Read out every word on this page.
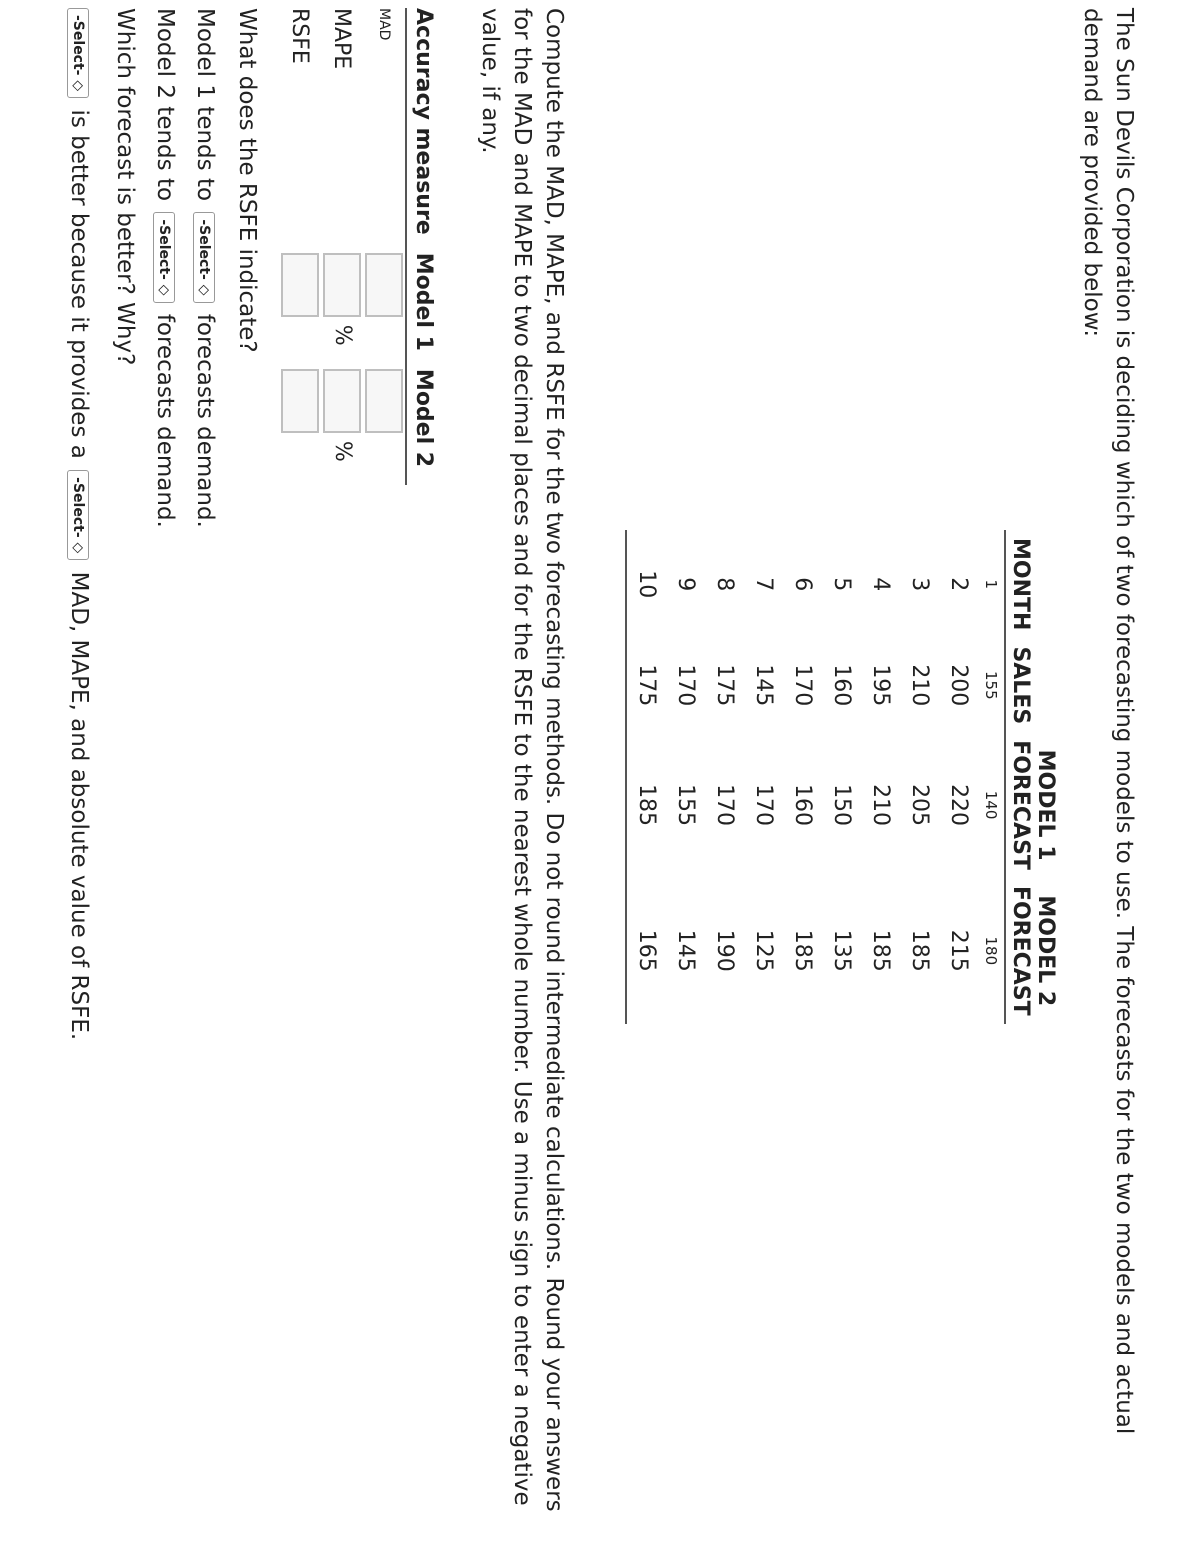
The Sun Devils Corporation is deciding which of two forecasting models to use. The forecasts for the two models and actual demand are provided below:
		MODEL 1	MODEL 2
MONTH	SALES	FORECAST	FORECAST
1	155	140	180
2	200	220	215
3	210	205	185
4	195	210	185
5	160	150	135
6	170	160	185
7	145	170	125
8	175	170	190
9	170	155	145
10	175	185	165
Compute the MAD, MAPE, and RSFE for the two forecasting methods. Do not round intermediate calculations. Round your answers for the MAD and MAPE to two decimal places and for the RSFE to the nearest whole number. Use a minus sign to enter a negative value, if any.
Accuracy measure	Model 1	Model 2
MAD		
MAPE	%	%
RSFE		
What does the RSFE indicate?
Model 1 tends to -Select- ◇ forecasts demand.
Model 2 tends to -Select- ◇ forecasts demand.
Which forecast is better? Why?
-Select- ◇ is better because it provides a -Select- ◇ MAD, MAPE, and absolute value of RSFE.
